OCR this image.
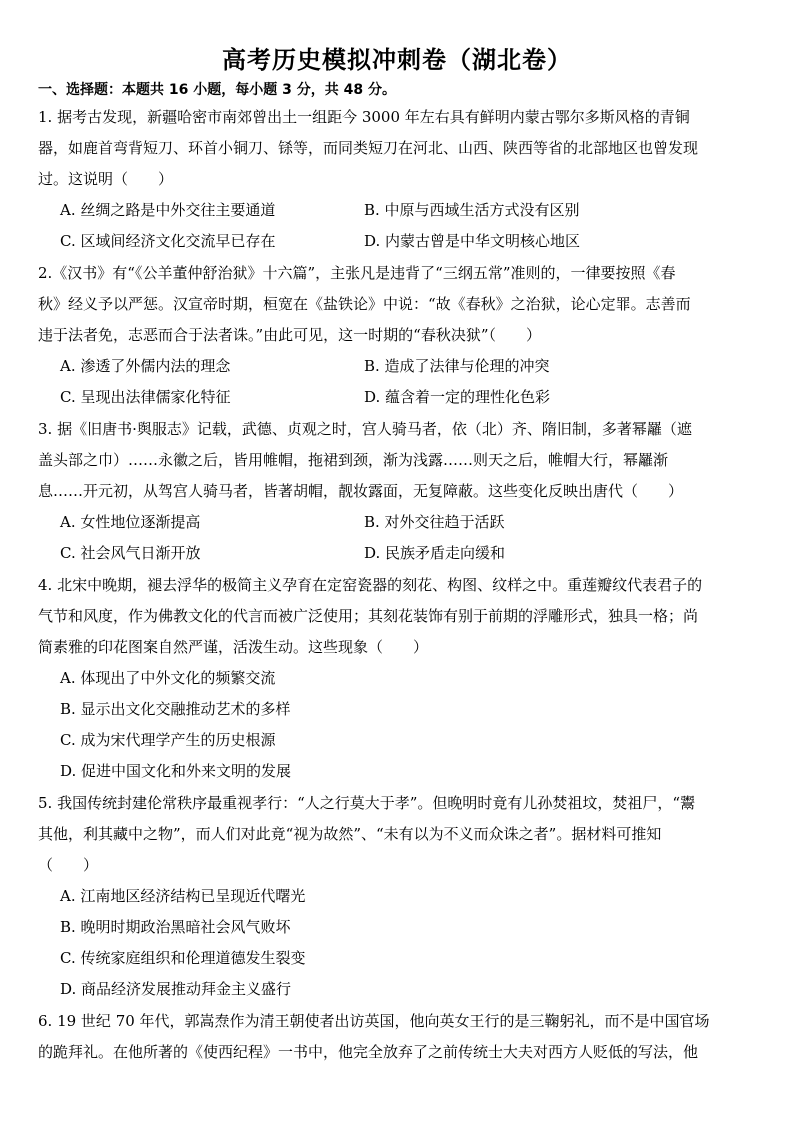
高考历史模拟冲刺卷（湖北卷）
一、选择题：本题共 16 小题，每小题 3 分，共 48 分。
1. 据考古发现，新疆哈密市南郊曾出土一组距今 3000 年左右具有鲜明内蒙古鄂尔多斯风格的青铜
器，如鹿首弯背短刀、环首小铜刀、铩等，而同类短刀在河北、山西、陕西等省的北部地区也曾发现
过。这说明（　　）
A. 丝绸之路是中外交往主要通道	B. 中原与西域生活方式没有区别
C. 区域间经济文化交流早已存在	D. 内蒙古曾是中华文明核心地区
2.《汉书》有“《公羊董仲舒治狱》十六篇”，主张凡是违背了“三纲五常”准则的，一律要按照《春
秋》经义予以严惩。汉宣帝时期，桓宽在《盐铁论》中说：“故《春秋》之治狱，论心定罪。志善而
违于法者免，志恶而合于法者诛。”由此可见，这一时期的“春秋决狱”（　　）
A. 渗透了外儒内法的理念	B. 造成了法律与伦理的冲突
C. 呈现出法律儒家化特征	D. 蕴含着一定的理性化色彩
3. 据《旧唐书·舆服志》记载，武德、贞观之时，宫人骑马者，依（北）齐、隋旧制，多著幂䍦（遮
盖头部之巾）……永徽之后，皆用帷帽，拖裙到颈，渐为浅露……则天之后，帷帽大行，幂䍦渐
息……开元初，从驾宫人骑马者，皆著胡帽，靓妆露面，无复障蔽。这些变化反映出唐代（　　）
A. 女性地位逐渐提高	B. 对外交往趋于活跃
C. 社会风气日渐开放	D. 民族矛盾走向缓和
4. 北宋中晚期，褪去浮华的极简主义孕育在定窑瓷器的刻花、构图、纹样之中。重莲瓣纹代表君子的
气节和风度，作为佛教文化的代言而被广泛使用；其刻花装饰有别于前期的浮雕形式，独具一格；尚
简素雅的印花图案自然严谨，活泼生动。这些现象（　　）
A. 体现出了中外文化的频繁交流
B. 显示出文化交融推动艺术的多样
C. 成为宋代理学产生的历史根源
D. 促进中国文化和外来文明的发展
5. 我国传统封建伦常秩序最重视孝行：“人之行莫大于孝”。但晚明时竟有儿孙焚祖坟，焚祖尸，“鬻
其他，利其藏中之物”，而人们对此竟“视为故然”、“未有以为不义而众诛之者”。据材料可推知
（　　）
A. 江南地区经济结构已呈现近代曙光
B. 晚明时期政治黑暗社会风气败坏
C. 传统家庭组织和伦理道德发生裂变
D. 商品经济发展推动拜金主义盛行
6. 19 世纪 70 年代，郭嵩焘作为清王朝使者出访英国，他向英女王行的是三鞠躬礼，而不是中国官场
的跪拜礼。在他所著的《使西纪程》一书中，他完全放弃了之前传统士大夫对西方人贬低的写法，他
